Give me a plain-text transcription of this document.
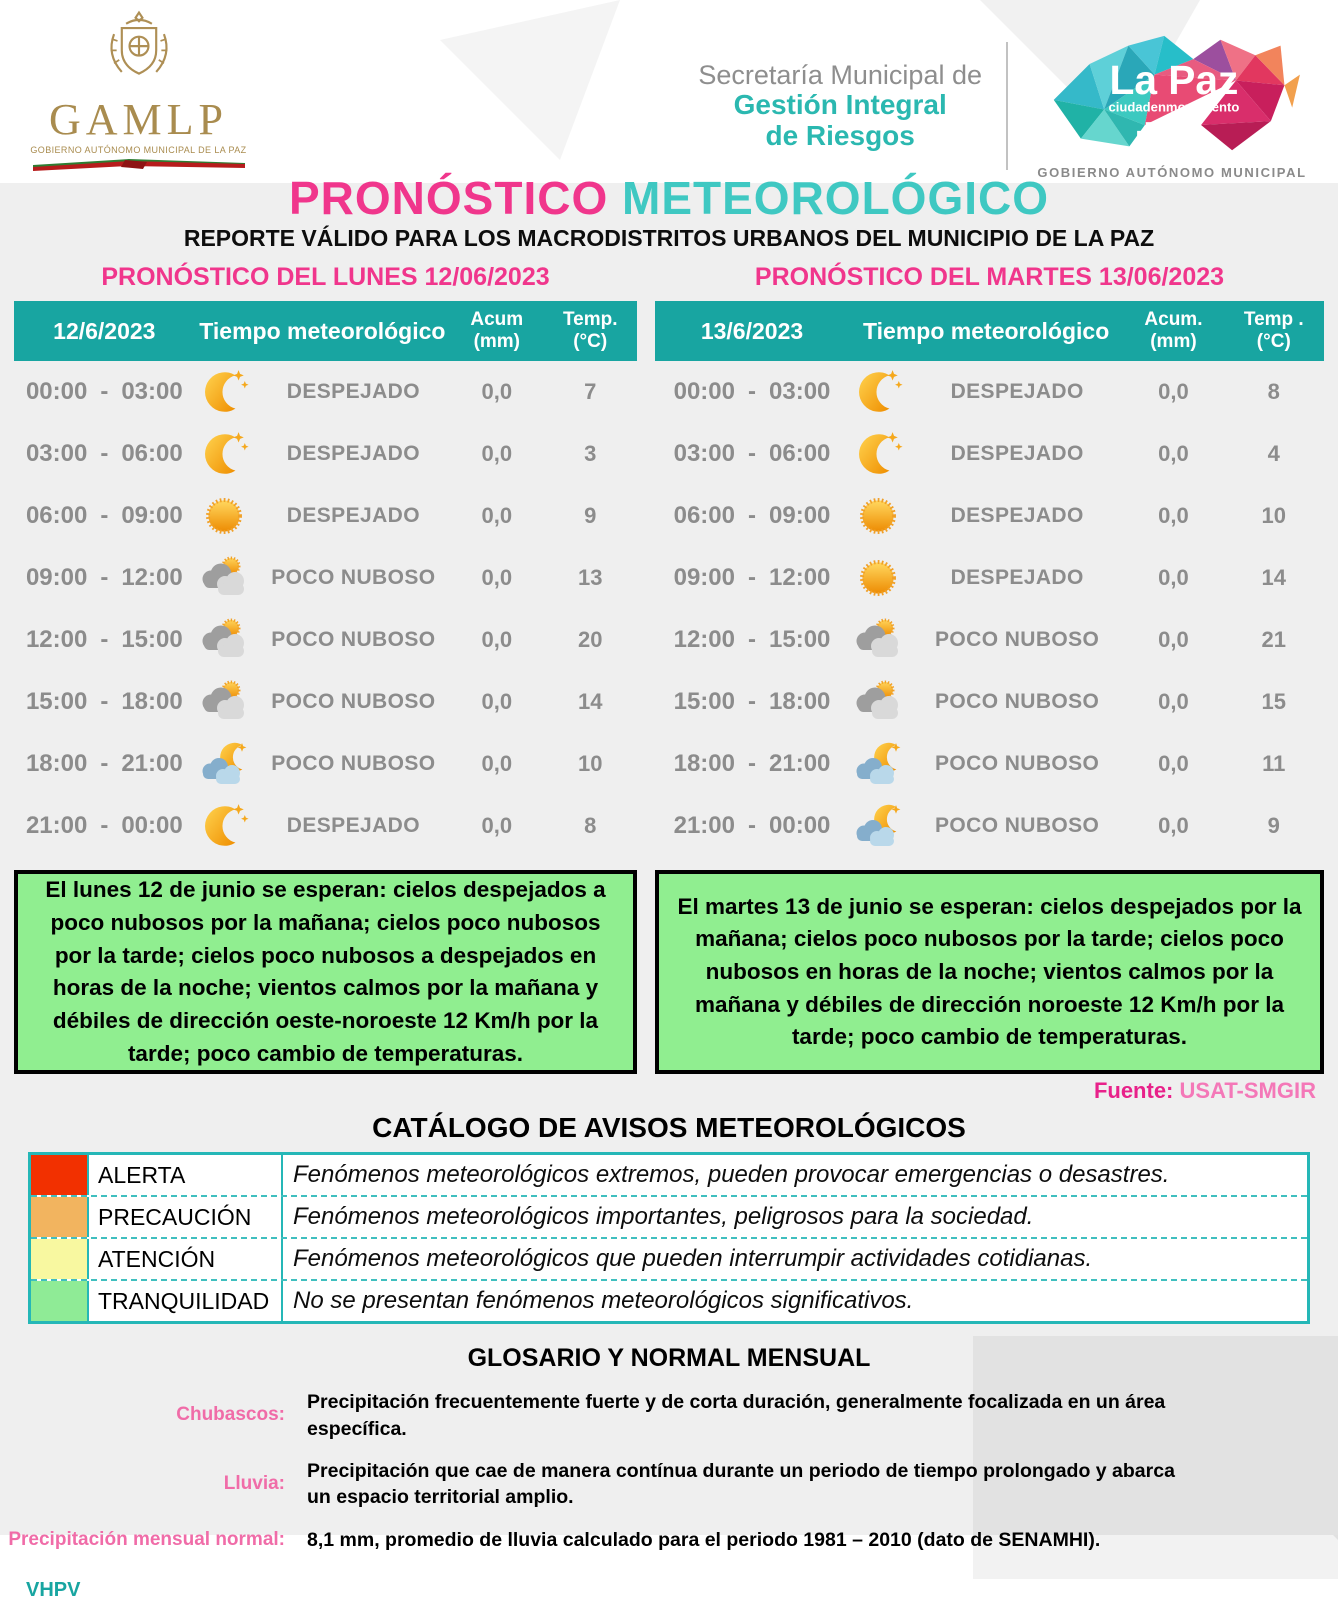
GAMLP
GOBIERNO AUTÓNOMO MUNICIPAL DE LA PAZ
Secretaría Municipal de
Gestión Integral
de Riesgos
La Paz
ciudadenmovimiento
GOBIERNO AUTÓNOMO MUNICIPAL
PRONÓSTICO METEOROLÓGICO
REPORTE VÁLIDO PARA LOS MACRODISTRITOS URBANOS DEL MUNICIPIO DE LA PAZ
PRONÓSTICO DEL LUNES 12/06/2023
12/6/2023	Tiempo meteorológico	Acum
(mm)
Temp.
(°C)
00:00 - 03:00	DESPEJADO	0,0	7
03:00 - 06:00	DESPEJADO	0,0	3
06:00 - 09:00	DESPEJADO	0,0	9
09:00 - 12:00	POCO NUBOSO	0,0	13
12:00 - 15:00	POCO NUBOSO	0,0	20
15:00 - 18:00	POCO NUBOSO	0,0	14
18:00 - 21:00	POCO NUBOSO	0,0	10
21:00 - 00:00	DESPEJADO	0,0	8

El lunes 12 de junio se esperan: cielos despejados a poco nubosos por la mañana; cielos poco nubosos por la tarde; cielos poco nubosos a despejados en horas de la noche; vientos calmos por la mañana y débiles de dirección oeste-noroeste 12 Km/h por la tarde; poco cambio de temperaturas.

PRONÓSTICO DEL MARTES 13/06/2023
13/6/2023	Tiempo meteorológico	Acum.
(mm)
Temp .
(°C)
00:00 - 03:00	DESPEJADO	0,0	8
03:00 - 06:00	DESPEJADO	0,0	4
06:00 - 09:00	DESPEJADO	0,0	10
09:00 - 12:00	DESPEJADO	0,0	14
12:00 - 15:00	POCO NUBOSO	0,0	21
15:00 - 18:00	POCO NUBOSO	0,0	15
18:00 - 21:00	POCO NUBOSO	0,0	11
21:00 - 00:00	POCO NUBOSO	0,0	9

El martes 13 de junio se esperan: cielos despejados por la mañana; cielos poco nubosos por la tarde; cielos poco nubosos en horas de la noche; vientos calmos por la mañana y débiles de dirección noroeste 12 Km/h por la tarde; poco cambio de temperaturas.

Fuente: USAT-SMGIR
CATÁLOGO DE AVISOS METEOROLÓGICOS
ALERTA	Fenómenos meteorológicos extremos, pueden provocar emergencias o desastres.
PRECAUCIÓN	Fenómenos meteorológicos importantes, peligrosos para la sociedad.
ATENCIÓN	Fenómenos meteorológicos que pueden interrumpir actividades cotidianas.
TRANQUILIDAD No se presentan fenómenos meteorológicos significativos.
GLOSARIO Y NORMAL MENSUAL
Chubascos:
Precipitación frecuentemente fuerte y de corta duración, generalmente focalizada en un área específica.
Lluvia:
Precipitación que cae de manera contínua durante un periodo de tiempo prolongado y abarca un espacio territorial amplio.
Precipitación mensual normal: 8,1 mm, promedio de lluvia calculado para el periodo 1981 – 2010 (dato de SENAMHI).
VHPV
